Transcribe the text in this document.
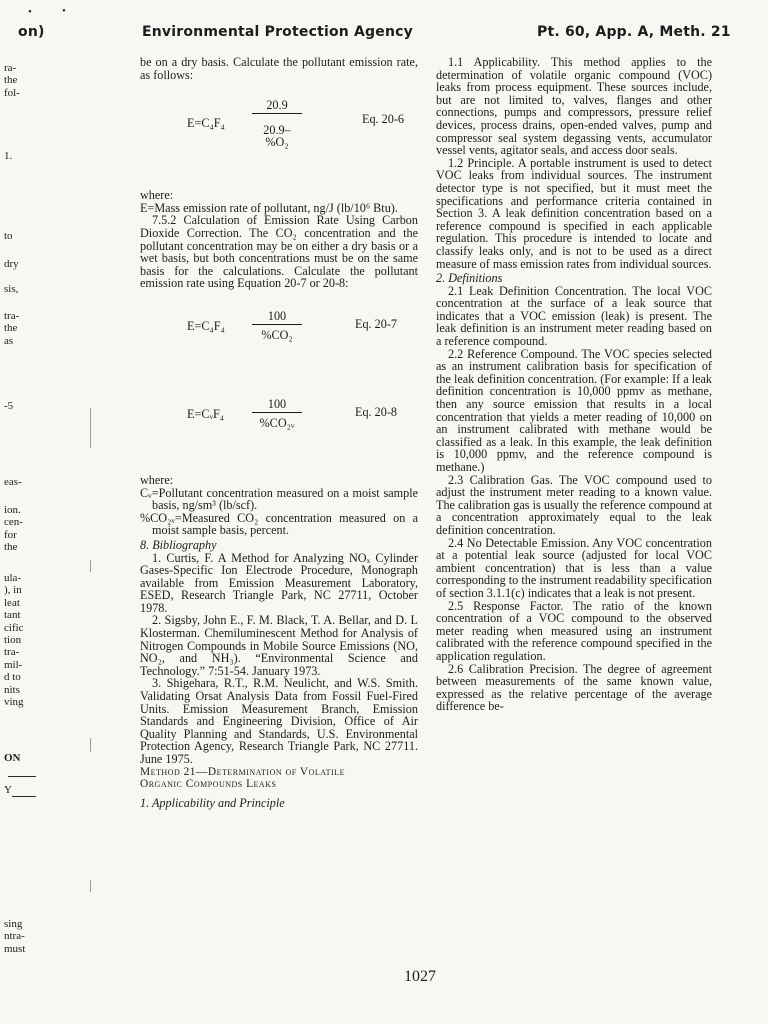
on)	Environmental Protection Agency	Pt. 60, App. A, Meth. 21
•	•
ra-
the
fol-
1.
to
dry
sis,
tra-
the
as
-5
eas-
ion.
cen-
for
the
ula-
), in
leat
tant
cific
tion
tra-
mil-
d to
nits
ving
ON
Y
sing
ntra-
must

be on a dry basis. Calculate the pollutant emission rate, as follows:

E=C₄F₄ 20.9
20.9–
%O₂	Eq. 20-6

where:

E=Mass emission rate of pollutant, ng/J (lb/10⁶ Btu).

7.5.2 Calculation of Emission Rate Using Carbon Dioxide Correction. The CO₂ concentration and the pollutant concentration may be on either a dry basis or a wet basis, but both concentrations must be on the same basis for the calculations. Calculate the pollutant emission rate using Equation 20-7 or 20-8:

$E=C_4F_4 \frac{100}{\text{\%CO₂}}$	Eq. 20-7
E=CᵥF₄ $\frac{100}{\text{\%CO₂ᵥ}}$	Eq. 20-8

where:

Cᵥ=Pollutant concentration measured on a moist sample basis, ng/sm³ (lb/scf).

%CO₂ᵥ=Measured CO₂ concentration measured on a moist sample basis, percent.

8. Bibliography

1. Curtis, F. A Method for Analyzing NOₓ Cylinder Gases-Specific Ion Electrode Procedure, Monograph available from Emission Measurement Laboratory, ESED, Research Triangle Park, NC 27711, October 1978.

2. Sigsby, John E., F. M. Black, T. A. Bellar, and D. L Klosterman. Chemiluminescent Method for Analysis of Nitrogen Compounds in Mobile Source Emissions (NO, NO₂, and NH₃). “Environmental Science and Technology.” 7:51-54. January 1973.

3. Shigehara, R.T., R.M. Neulicht, and W.S. Smith. Validating Orsat Analysis Data from Fossil Fuel-Fired Units. Emission Measurement Branch, Emission Standards and Engineering Division, Office of Air Quality Planning and Standards, U.S. Environmental Protection Agency, Research Triangle Park, NC 27711. June 1975.

Method 21—Determination of Volatile

Organic Compounds Leaks

1. Applicability and Principle

1.1 Applicability. This method applies to the determination of volatile organic compound (VOC) leaks from process equipment. These sources include, but are not limited to, valves, flanges and other connections, pumps and compressors, pressure relief devices, process drains, open-ended valves, pump and compressor seal system degassing vents, accumulator vessel vents, agitator seals, and access door seals.

1.2 Principle. A portable instrument is used to detect VOC leaks from individual sources. The instrument detector type is not specified, but it must meet the specifications and performance criteria contained in Section 3. A leak definition concentration based on a reference compound is specified in each applicable regulation. This procedure is intended to locate and classify leaks only, and is not to be used as a direct measure of mass emission rates from individual sources.

2. Definitions

2.1 Leak Definition Concentration. The local VOC concentration at the surface of a leak source that indicates that a VOC emission (leak) is present. The leak definition is an instrument meter reading based on a reference compound.

2.2 Reference Compound. The VOC species selected as an instrument calibration basis for specification of the leak definition concentration. (For example: If a leak definition concentration is 10,000 ppmv as methane, then any source emission that results in a local concentration that yields a meter reading of 10,000 on an instrument calibrated with methane would be classified as a leak. In this example, the leak definition is 10,000 ppmv, and the reference compound is methane.)

2.3 Calibration Gas. The VOC compound used to adjust the instrument meter reading to a known value. The calibration gas is usually the reference compound at a concentration approximately equal to the leak definition concentration.

2.4 No Detectable Emission. Any VOC concentration at a potential leak source (adjusted for local VOC ambient concentration) that is less than a value corresponding to the instrument readability specification of section 3.1.1(c) indicates that a leak is not present.

2.5 Response Factor. The ratio of the known concentration of a VOC compound to the observed meter reading when measured using an instrument calibrated with the reference compound specified in the application regulation.

2.6 Calibration Precision. The degree of agreement between measurements of the same known value, expressed as the relative percentage of the average difference be-

1027
